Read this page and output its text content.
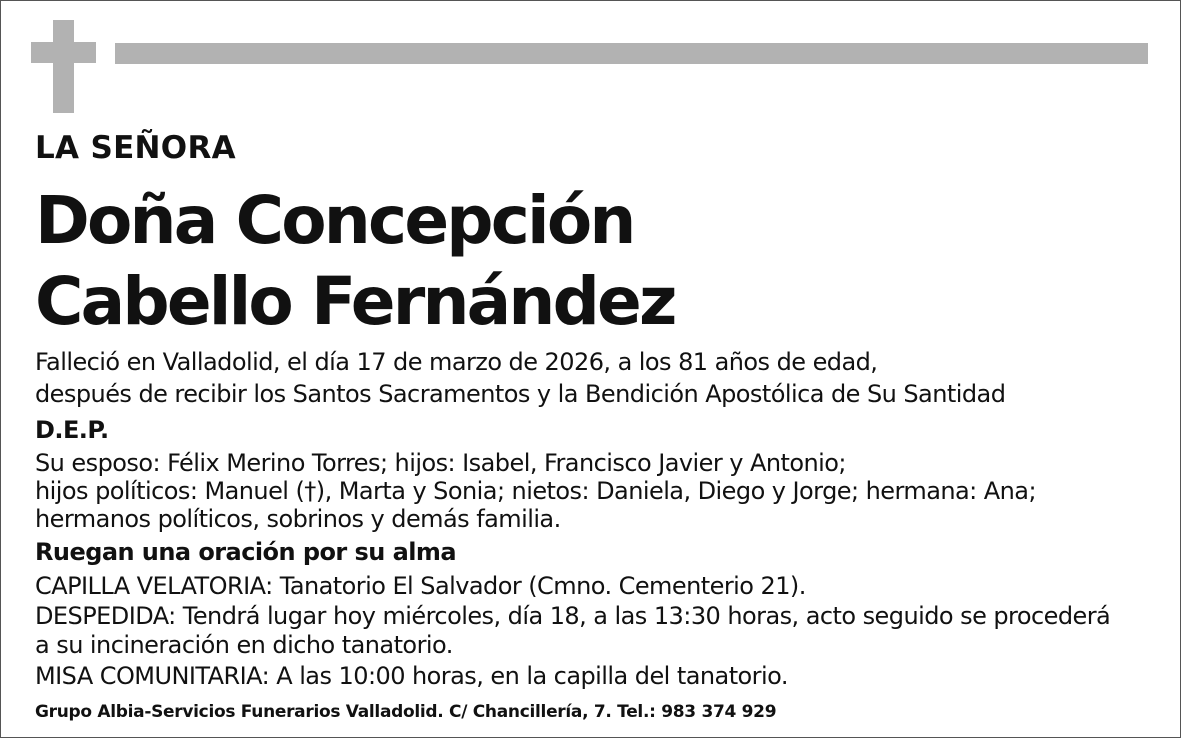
LA SEÑORA
Doña Concepción
Cabello Fernández
Falleció en Valladolid, el día 17 de marzo de 2026, a los 81 años de edad,
después de recibir los Santos Sacramentos y la Bendición Apostólica de Su Santidad
D.E.P.
Su esposo: Félix Merino Torres; hijos: Isabel, Francisco Javier y Antonio;
hijos políticos: Manuel (†), Marta y Sonia; nietos: Daniela, Diego y Jorge; hermana: Ana;
hermanos políticos, sobrinos y demás familia.
Ruegan una oración por su alma
CAPILLA VELATORIA: Tanatorio El Salvador (Cmno. Cementerio 21).
DESPEDIDA: Tendrá lugar hoy miércoles, día 18, a las 13:30 horas, acto seguido se procederá
a su incineración en dicho tanatorio.
MISA COMUNITARIA: A las 10:00 horas, en la capilla del tanatorio.
Grupo Albia-Servicios Funerarios Valladolid. C/ Chancillería, 7. Tel.: 983 374 929
